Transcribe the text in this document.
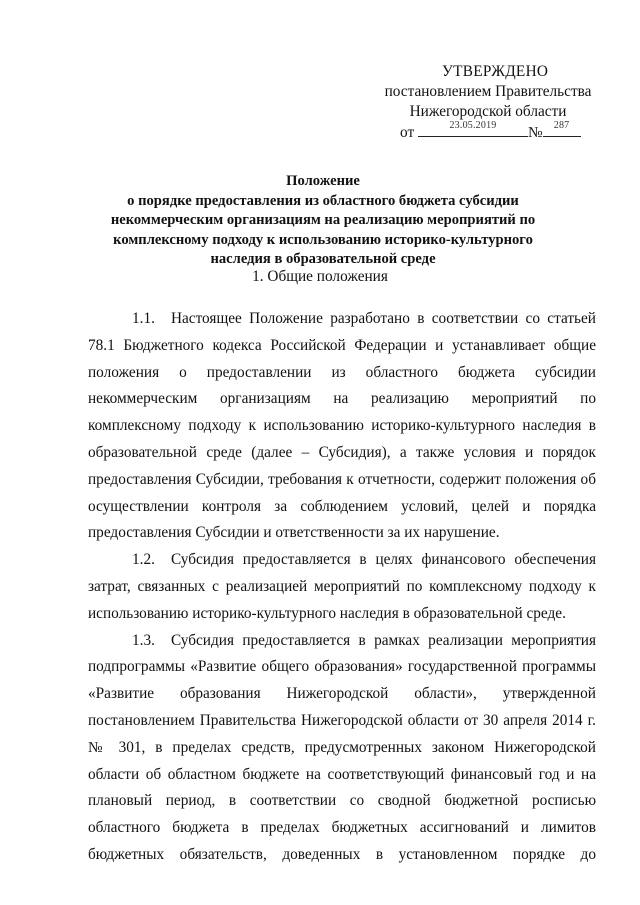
УТВЕРЖДЕНО
постановлением Правительства
Нижегородской области
от	23.05.2019	№	287
Положение
о порядке предоставления из областного бюджета субсидии
некоммерческим организациям на реализацию мероприятий по
комплексному подходу к использованию историко-культурного
наследия в образовательной среде
1. Общие положения
1.1. Настоящее Положение разработано в соответствии со статьей
78.1 Бюджетного кодекса Российской Федерации и устанавливает общие
положения о предоставлении из областного бюджета субсидии
некоммерческим организациям на реализацию мероприятий по
комплексному подходу к использованию историко-культурного наследия в
образовательной среде (далее – Субсидия), а также условия и порядок
предоставления Субсидии, требования к отчетности, содержит положения об
осуществлении контроля за соблюдением условий, целей и порядка
предоставления Субсидии и ответственности за их нарушение.
1.2. Субсидия предоставляется в целях финансового обеспечения
затрат, связанных с реализацией мероприятий по комплексному подходу к
использованию историко-культурного наследия в образовательной среде.
1.3. Субсидия предоставляется в рамках реализации мероприятия
подпрограммы «Развитие общего образования» государственной программы
«Развитие образования Нижегородской области», утвержденной
постановлением Правительства Нижегородской области от 30 апреля 2014 г.
№ 301, в пределах средств, предусмотренных законом Нижегородской
области об областном бюджете на соответствующий финансовый год и на
плановый период, в соответствии со сводной бюджетной росписью
областного бюджета в пределах бюджетных ассигнований и лимитов
бюджетных обязательств, доведенных в установленном порядке до
